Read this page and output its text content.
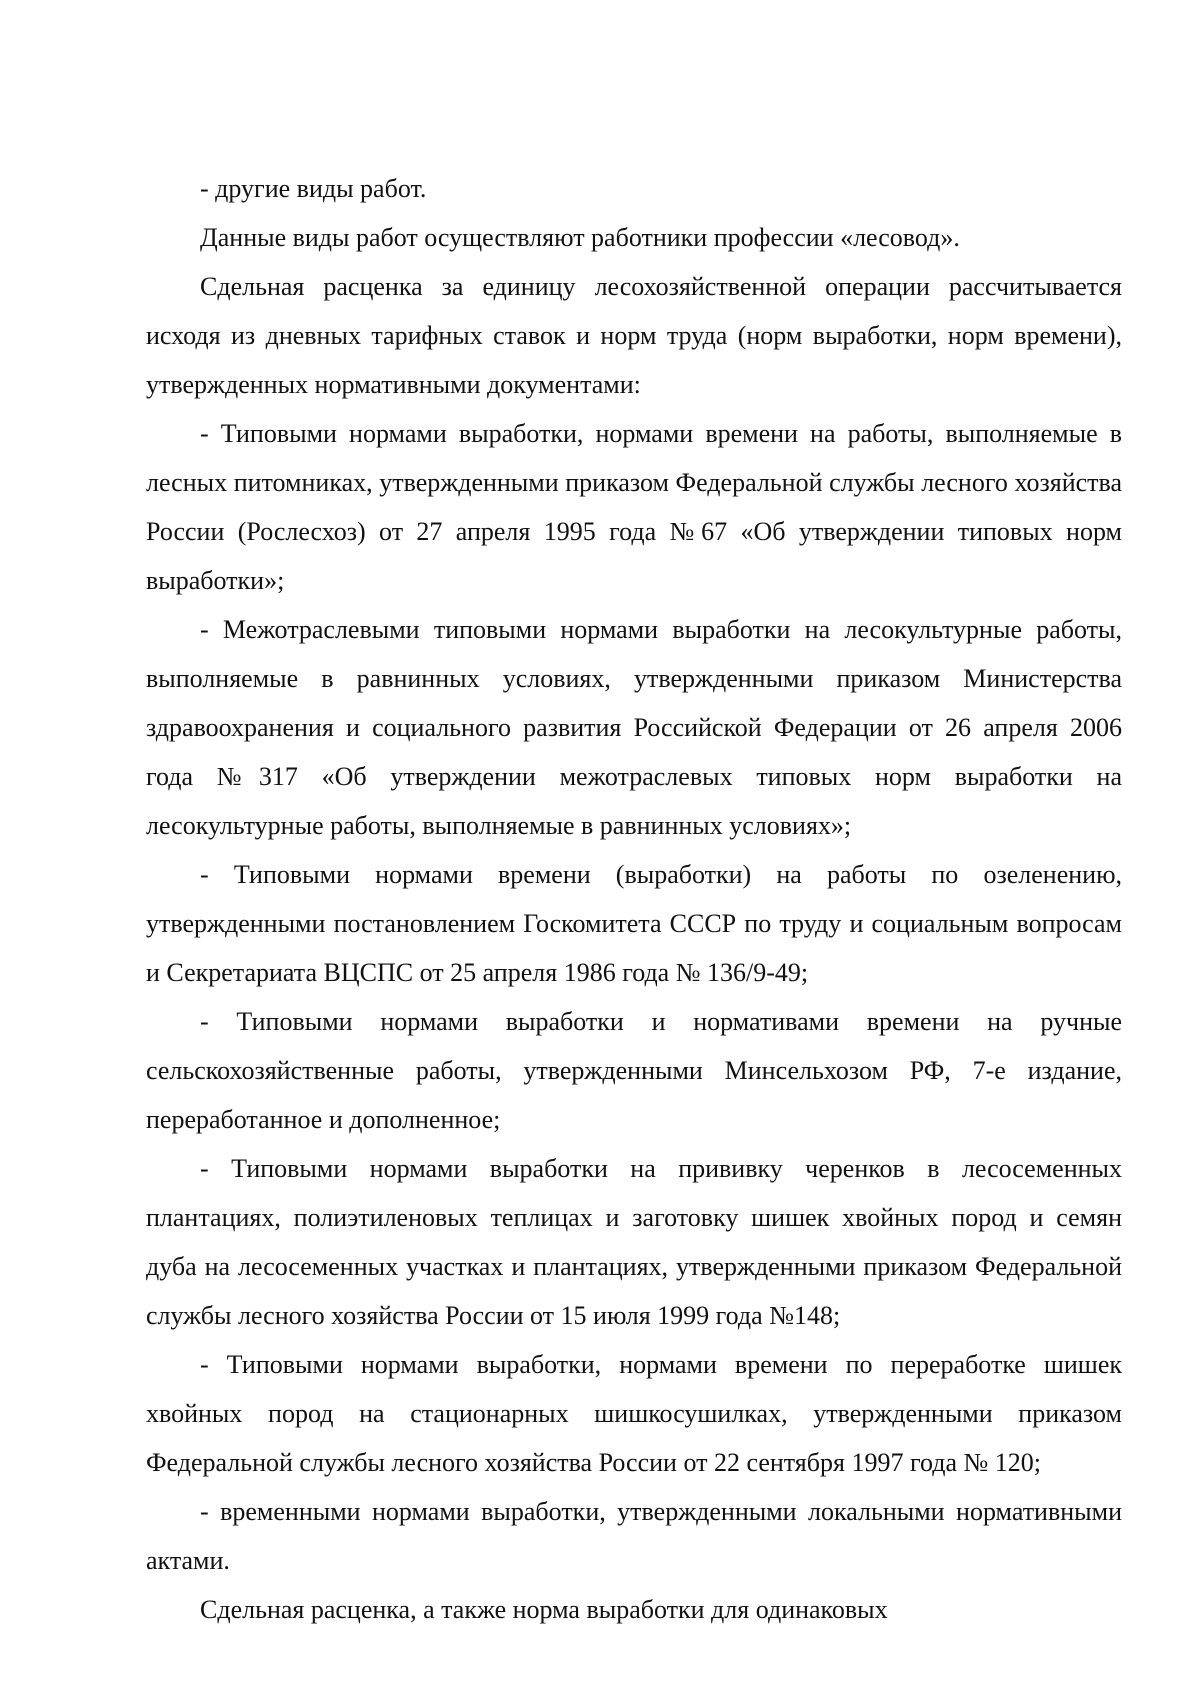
- другие виды работ.

Данные виды работ осуществляют работники профессии «лесовод».

Сдельная расценка за единицу лесохозяйственной операции рассчитывается исходя из дневных тарифных ставок и норм труда (норм выработки, норм времени), утвержденных нормативными документами:

- Типовыми нормами выработки, нормами времени на работы, выполняемые в лесных питомниках, утвержденными приказом Федеральной службы лесного хозяйства России (Рослесхоз) от 27 апреля 1995 года №67 «Об утверждении типовых норм выработки»;

- Межотраслевыми типовыми нормами выработки на лесокультурные работы, выполняемые в равнинных условиях, утвержденными приказом Министерства здравоохранения и социального развития Российской Федерации от 26 апреля 2006 года №317 «Об утверждении межотраслевых типовых норм выработки на лесокультурные работы, выполняемые в равнинных условиях»;

- Типовыми нормами времени (выработки) на работы по озеленению, утвержденными постановлением Госкомитета СССР по труду и социальным вопросам и Секретариата ВЦСПС от 25 апреля 1986 года № 136/9-49;

- Типовыми нормами выработки и нормативами времени на ручные сельскохозяйственные работы, утвержденными Минсельхозом РФ, 7-е издание, переработанное и дополненное;

- Типовыми нормами выработки на прививку черенков в лесосеменных плантациях, полиэтиленовых теплицах и заготовку шишек хвойных пород и семян дуба на лесосеменных участках и плантациях, утвержденными приказом Федеральной службы лесного хозяйства России от 15 июля 1999 года №148;

- Типовыми нормами выработки, нормами времени по переработке шишек хвойных пород на стационарных шишкосушилках, утвержденными приказом Федеральной службы лесного хозяйства России от 22 сентября 1997 года № 120;

- временными нормами выработки, утвержденными локальными нормативными актами.

Сдельная расценка, а также норма выработки для одинаковых
